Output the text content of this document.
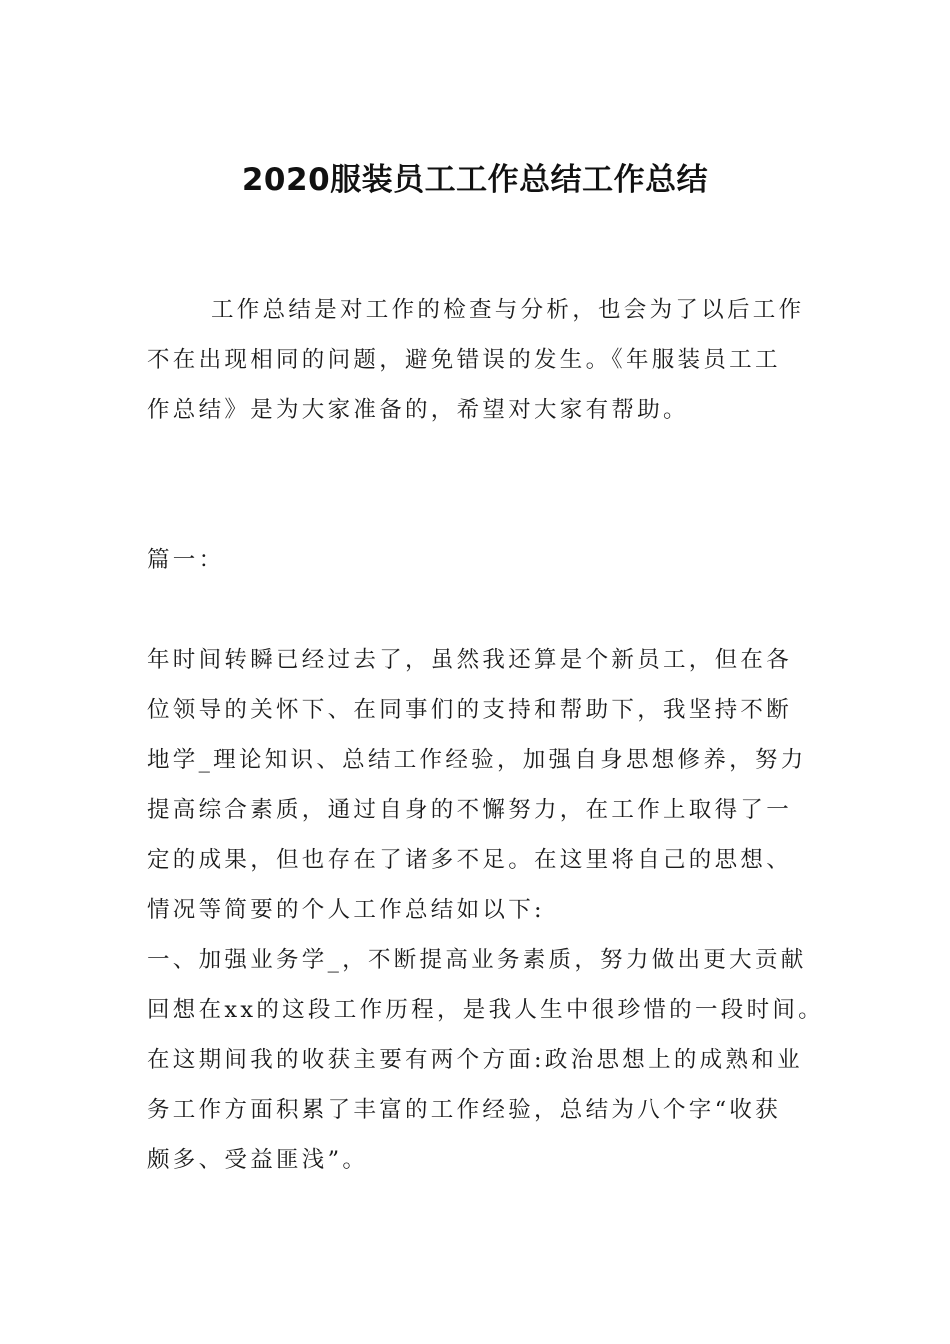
2020服装员工工作总结工作总结
工作总结是对工作的检查与分析，也会为了以后工作
不在出现相同的问题，避免错误的发生。《年服装员工工
作总结》是为大家准备的，希望对大家有帮助。
篇一：
年时间转瞬已经过去了，虽然我还算是个新员工，但在各
位领导的关怀下、在同事们的支持和帮助下，我坚持不断
地学_理论知识、总结工作经验，加强自身思想修养，努力
提高综合素质，通过自身的不懈努力，在工作上取得了一
定的成果，但也存在了诸多不足。在这里将自己的思想、
情况等简要的个人工作总结如以下:
一、加强业务学_，不断提高业务素质，努力做出更大贡献
回想在xx的这段工作历程，是我人生中很珍惜的一段时间。
在这期间我的收获主要有两个方面:政治思想上的成熟和业
务工作方面积累了丰富的工作经验，总结为八个字“收获
颇多、受益匪浅”。
